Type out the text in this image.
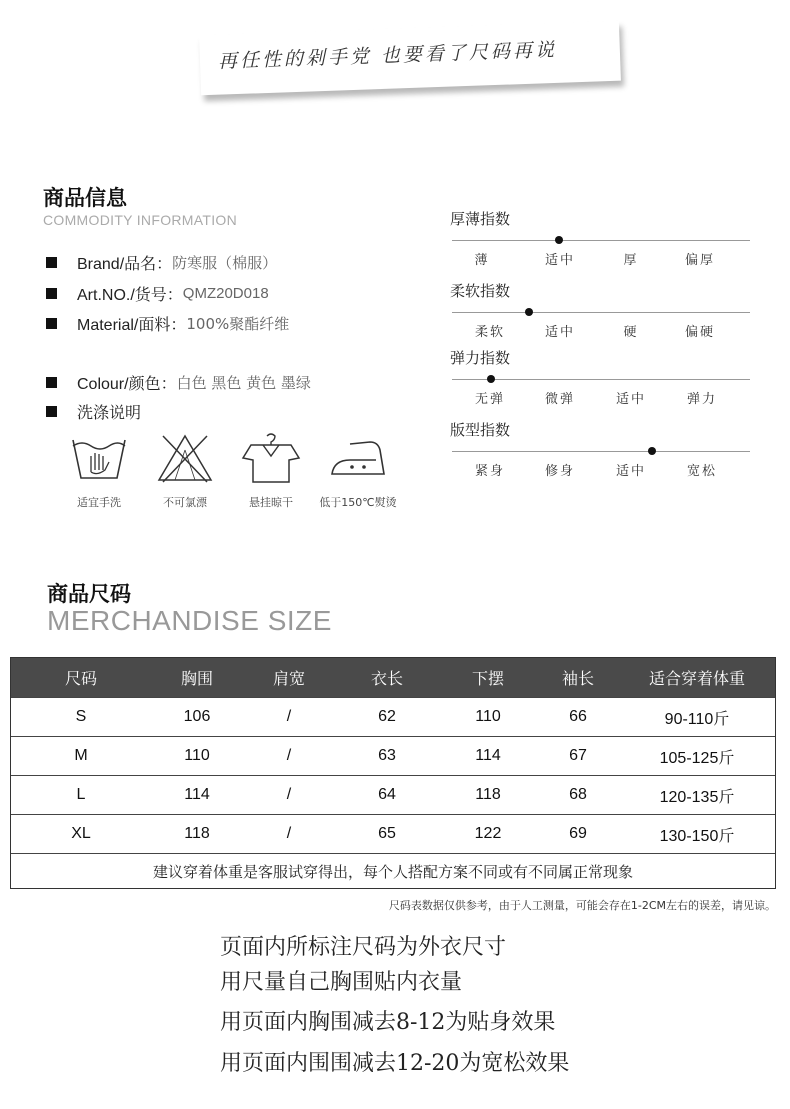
再任性的剁手党 也要看了尺码再说
商品信息
COMMODITY INFORMATION
Brand/品名： 防寒服（棉服）
Art.NO./货号： QMZ20D018
Material/面料： 100%聚酯纤维
Colour/颜色： 白色 黑色 黄色 墨绿
洗涤说明
适宜手洗	不可氯漂	悬挂晾干	低于150℃熨烫
厚薄指数
薄	适中	厚	偏厚
柔软指数
柔软	适中	硬	偏硬
弹力指数
无弹	微弹	适中	弹力
版型指数
紧身	修身	适中	宽松
商品尺码
MERCHANDISE SIZE
尺码	胸围	肩宽	衣长	下摆	袖长	适合穿着体重
S	106	/	62	110	66	90-110斤
M	110	/	63	114	67	105-125斤
L	114	/	64	118	68	120-135斤
XL	118	/	65	122	69	130-150斤
建议穿着体重是客服试穿得出，每个人搭配方案不同或有不同属正常现象						
尺码表数据仅供参考，由于人工测量，可能会存在1-2CM左右的误差，请见谅。
页面内所标注尺码为外衣尺寸
用尺量自己胸围贴内衣量
用页面内胸围减去8-12为贴身效果
用页面内围围减去12-20为宽松效果
